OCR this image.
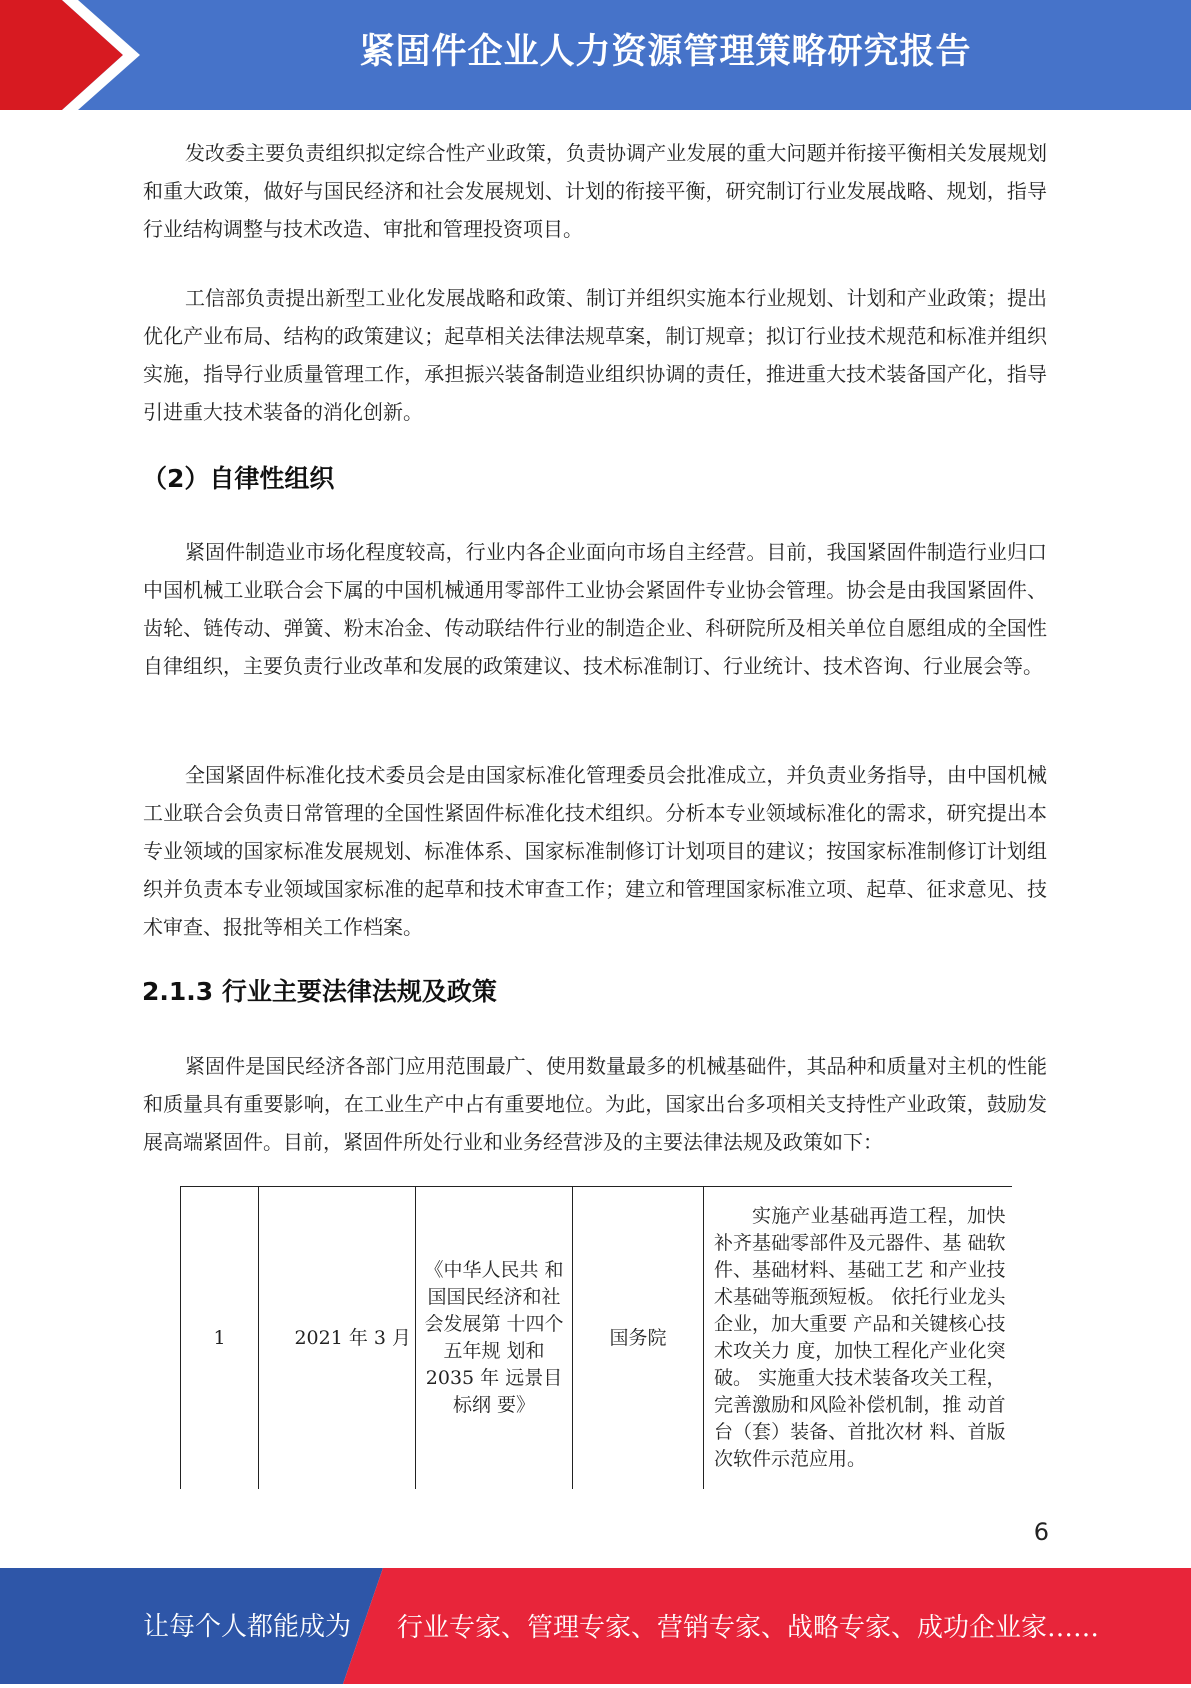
紧固件企业人力资源管理策略研究报告

发改委主要负责组织拟定综合性产业政策，负责协调产业发展的重大问题并衔接平衡相关发展规划和重大政策，做好与国民经济和社会发展规划、计划的衔接平衡，研究制订行业发展战略、规划，指导行业结构调整与技术改造、审批和管理投资项目。

工信部负责提出新型工业化发展战略和政策、制订并组织实施本行业规划、计划和产业政策；提出优化产业布局、结构的政策建议；起草相关法律法规草案，制订规章；拟订行业技术规范和标准并组织实施，指导行业质量管理工作，承担振兴装备制造业组织协调的责任，推进重大技术装备国产化，指导引进重大技术装备的消化创新。

（2）自律性组织

紧固件制造业市场化程度较高，行业内各企业面向市场自主经营。目前，我国紧固件制造行业归口中国机械工业联合会下属的中国机械通用零部件工业协会紧固件专业协会管理。协会是由我国紧固件、齿轮、链传动、弹簧、粉末冶金、传动联结件行业的制造企业、科研院所及相关单位自愿组成的全国性自律组织，主要负责行业改革和发展的政策建议、技术标准制订、行业统计、技术咨询、行业展会等。

全国紧固件标准化技术委员会是由国家标准化管理委员会批准成立，并负责业务指导，由中国机械工业联合会负责日常管理的全国性紧固件标准化技术组织。分析本专业领域标准化的需求，研究提出本专业领域的国家标准发展规划、标准体系、国家标准制修订计划项目的建议；按国家标准制修订计划组织并负责本专业领域国家标准的起草和技术审查工作；建立和管理国家标准立项、起草、征求意见、技术审查、报批等相关工作档案。

2.1.3 行业主要法律法规及政策

紧固件是国民经济各部门应用范围最广、使用数量最多的机械基础件，其品种和质量对主机的性能和质量具有重要影响，在工业生产中占有重要地位。为此，国家出台多项相关支持性产业政策，鼓励发展高端紧固件。目前，紧固件所处行业和业务经营涉及的主要法律法规及政策如下：

1	2021 年 3 月	《中华人民共 和国国民经济和社会发展第 十四个五年规 划和 2035 年 远景目标纲 要》	国务院	实施产业基础再造工程，加快补齐基础零部件及元器件、基 础软件、基础材料、基础工艺 和产业技术基础等瓶颈短板。 依托行业龙头企业，加大重要 产品和关键核心技术攻关力 度，加快工程化产业化突破。 实施重大技术装备攻关工程， 完善激励和风险补偿机制，推 动首台（套）装备、首批次材 料、首版次软件示范应用。
6
让每个人都能成为 行业专家、管理专家、营销专家、战略专家、成功企业家……
